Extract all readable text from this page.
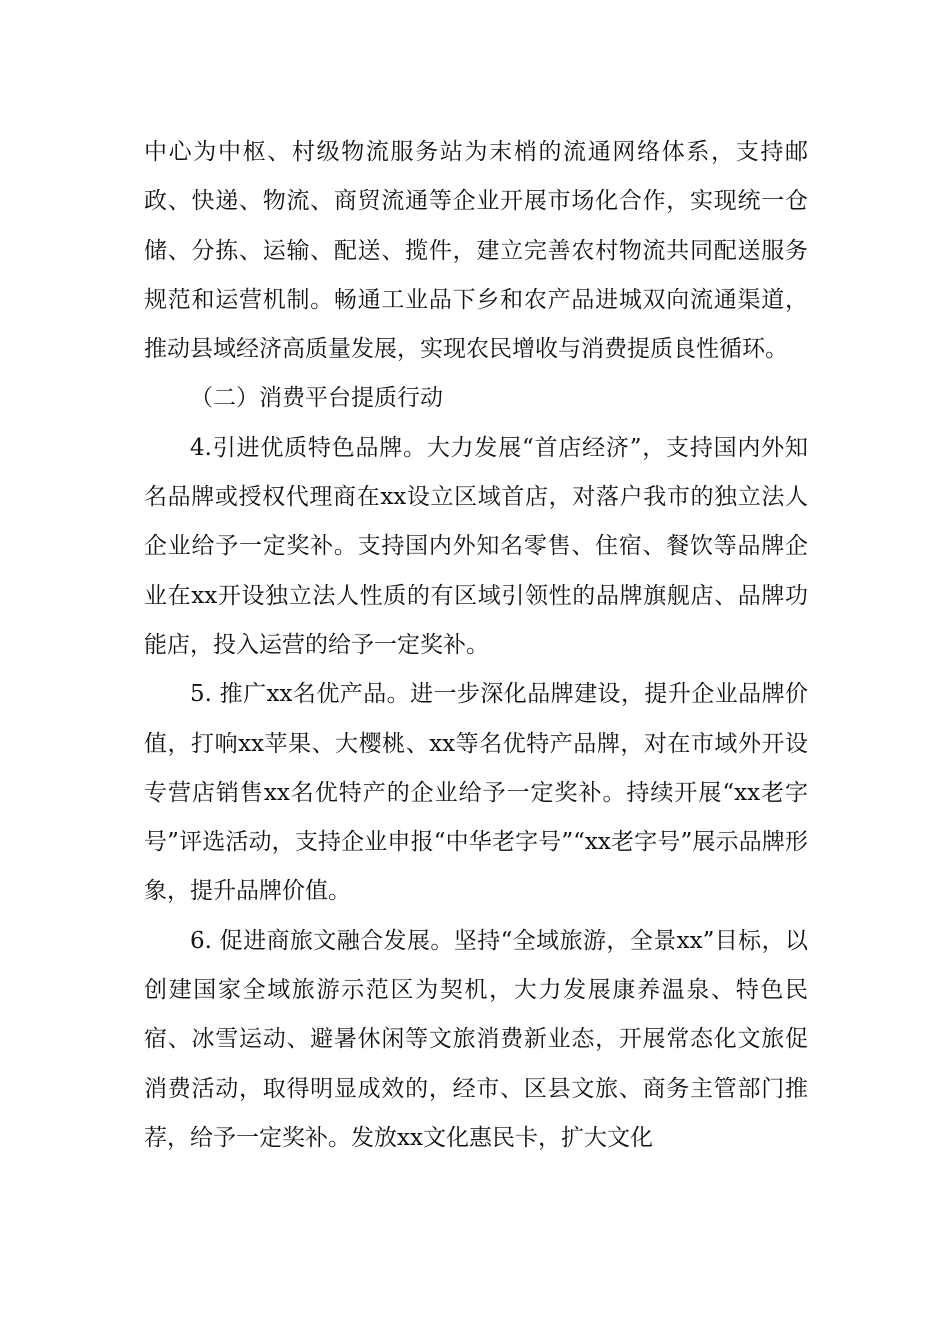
中心为中枢、村级物流服务站为末梢的流通网络体系，支持邮政、快递、物流、商贸流通等企业开展市场化合作，实现统一仓储、分拣、运输、配送、揽件，建立完善农村物流共同配送服务规范和运营机制。畅通工业品下乡和农产品进城双向流通渠道，推动县域经济高质量发展，实现农民增收与消费提质良性循环。

（二）消费平台提质行动

4.引进优质特色品牌。大力发展“首店经济”，支持国内外知名品牌或授权代理商在xx设立区域首店，对落户我市的独立法人企业给予一定奖补。支持国内外知名零售、住宿、餐饮等品牌企业在xx开设独立法人性质的有区域引领性的品牌旗舰店、品牌功能店，投入运营的给予一定奖补。

5. 推广xx名优产品。进一步深化品牌建设，提升企业品牌价值，打响xx苹果、大樱桃、xx等名优特产品牌，对在市域外开设专营店销售xx名优特产的企业给予一定奖补。持续开展“xx老字号”评选活动，支持企业申报“中华老字号”“xx老字号”展示品牌形象，提升品牌价值。

6. 促进商旅文融合发展。坚持“全域旅游，全景xx”目标，以创建国家全域旅游示范区为契机，大力发展康养温泉、特色民宿、冰雪运动、避暑休闲等文旅消费新业态，开展常态化文旅促消费活动，取得明显成效的，经市、区县文旅、商务主管部门推荐，给予一定奖补。发放xx文化惠民卡，扩大文化
